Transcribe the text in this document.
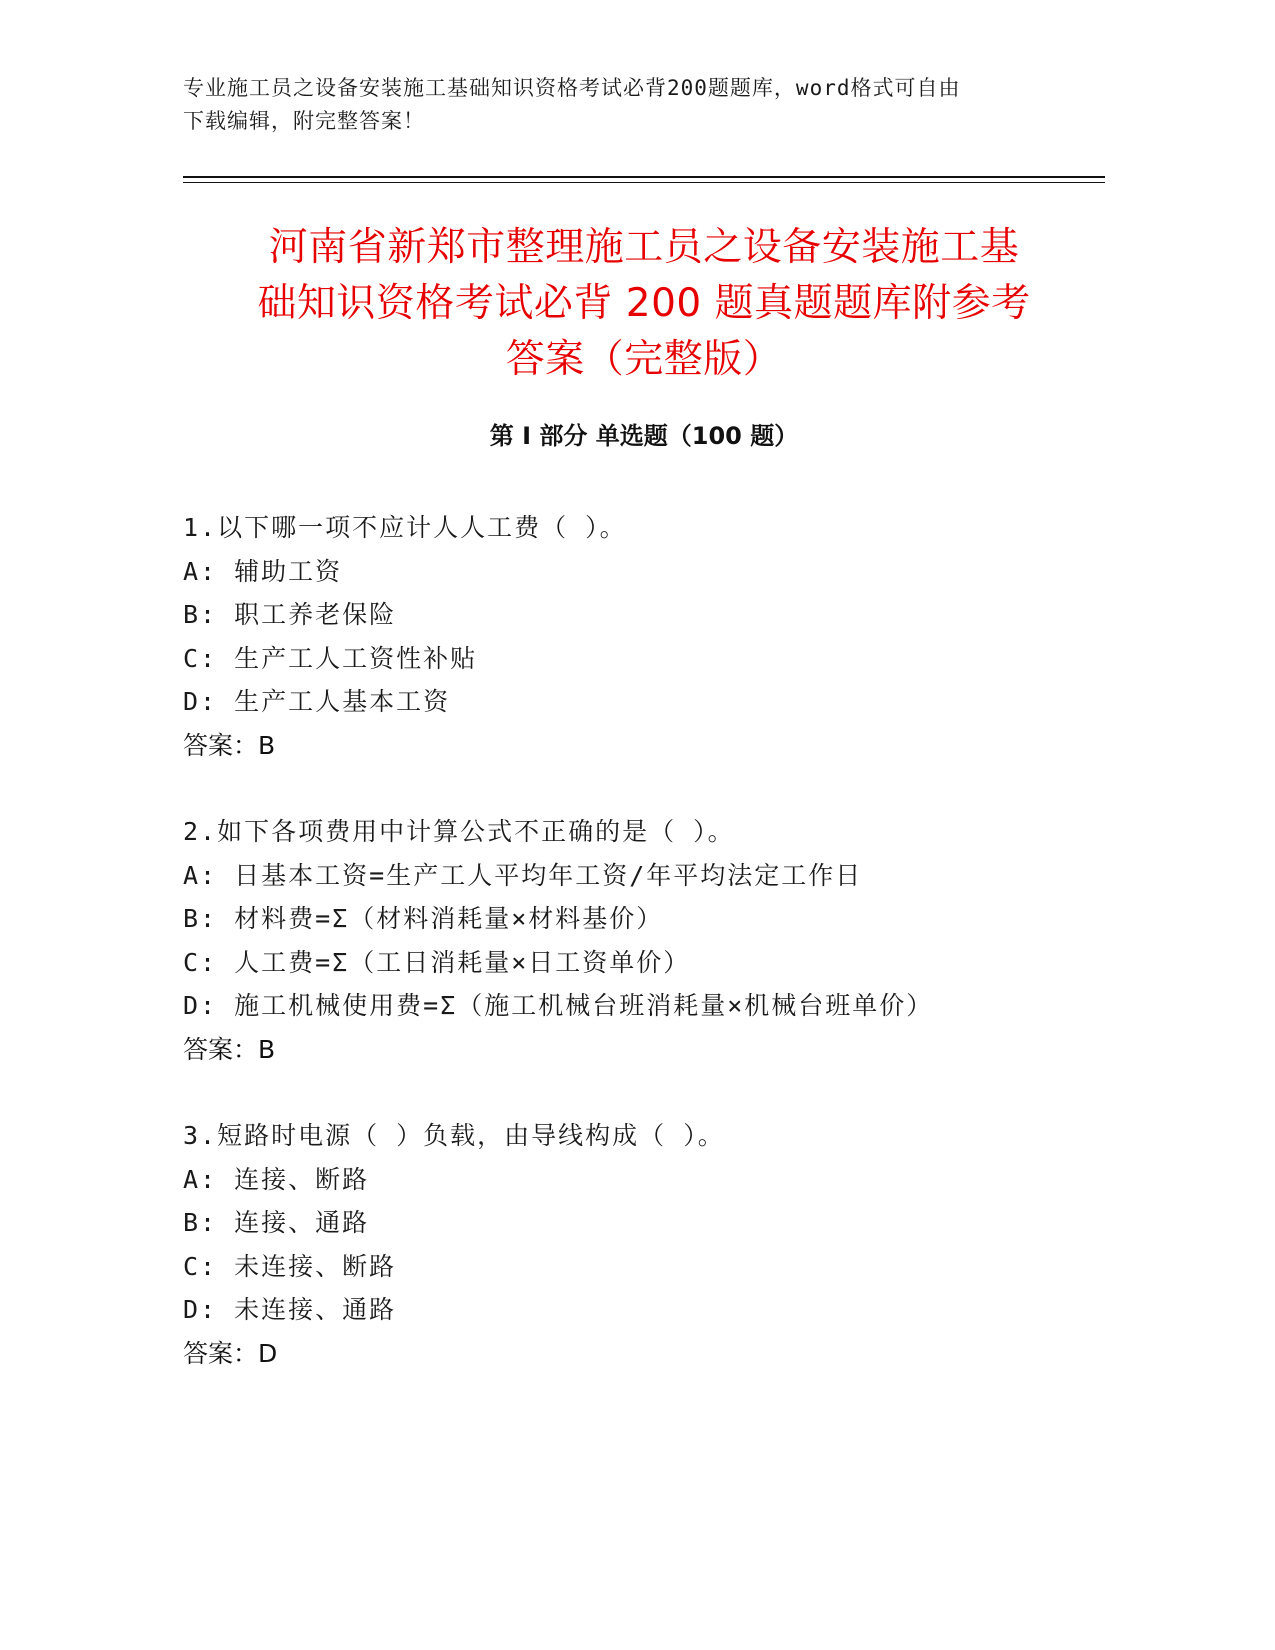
专业施工员之设备安装施工基础知识资格考试必背200题题库，word格式可自由
下载编辑，附完整答案！
河南省新郑市整理施工员之设备安装施工基
础知识资格考试必背 200 题真题题库附参考
答案（完整版）
第 I 部分 单选题（100 题）
1.以下哪一项不应计人人工费（ ）。
A: 辅助工资
B: 职工养老保险
C: 生产工人工资性补贴
D: 生产工人基本工资
答案：B
2.如下各项费用中计算公式不正确的是（ ）。
A: 日基本工资=生产工人平均年工资/年平均法定工作日
B: 材料费=Σ（材料消耗量×材料基价）
C: 人工费=Σ（工日消耗量×日工资单价）
D: 施工机械使用费=Σ（施工机械台班消耗量×机械台班单价）
答案：B
3.短路时电源（ ）负载，由导线构成（ ）。
A: 连接、断路
B: 连接、通路
C: 未连接、断路
D: 未连接、通路
答案：D
